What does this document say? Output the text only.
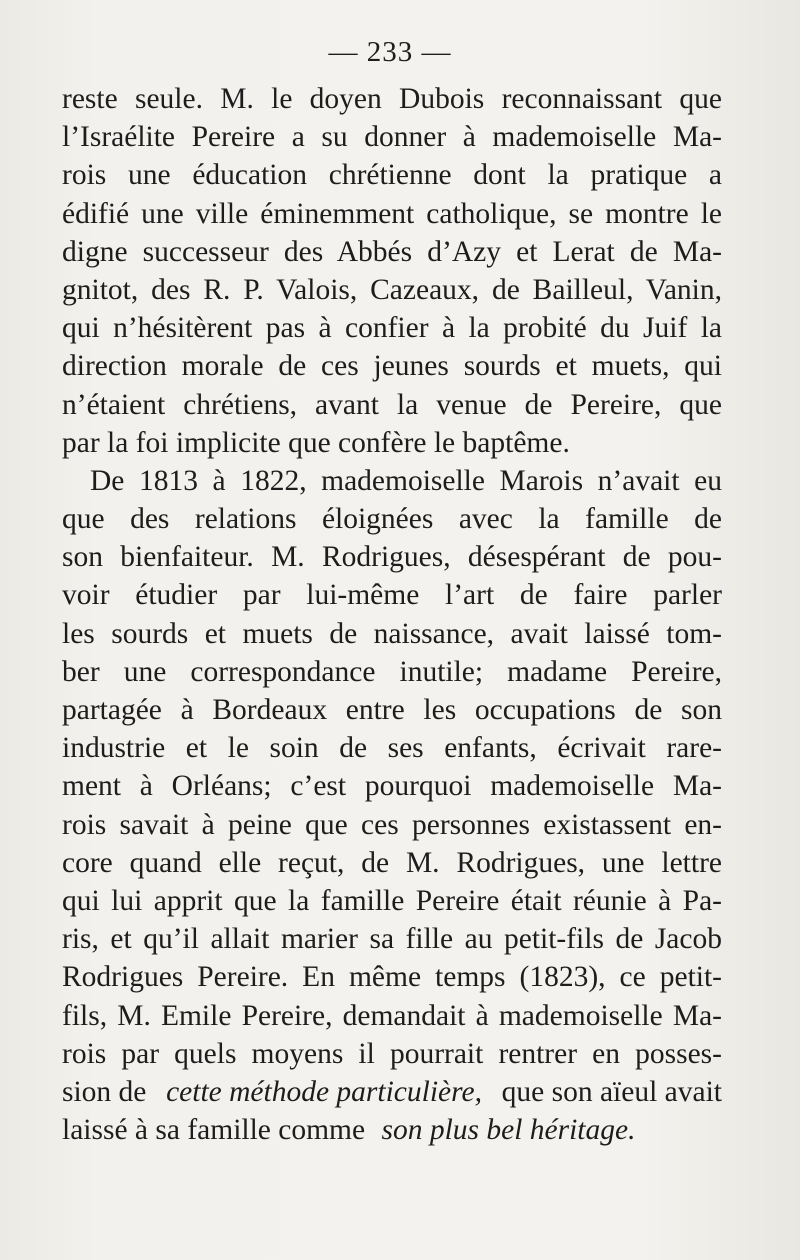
— 233 —
reste seule. M. le doyen Dubois reconnaissant que
l’Israélite Pereire a su donner à mademoiselle Ma-
rois une éducation chrétienne dont la pratique a
édifié une ville éminemment catholique, se montre le
digne successeur des Abbés d’Azy et Lerat de Ma-
gnitot, des R. P. Valois, Cazeaux, de Bailleul, Vanin,
qui n’hésitèrent pas à confier à la probité du Juif la
direction morale de ces jeunes sourds et muets, qui
n’étaient chrétiens, avant la venue de Pereire, que
par la foi implicite que confère le baptême.
De 1813 à 1822, mademoiselle Marois n’avait eu
que des relations éloignées avec la famille de
son bienfaiteur. M. Rodrigues, désespérant de pou-
voir étudier par lui-même l’art de faire parler
les sourds et muets de naissance, avait laissé tom-
ber une correspondance inutile; madame Pereire,
partagée à Bordeaux entre les occupations de son
industrie et le soin de ses enfants, écrivait rare-
ment à Orléans; c’est pourquoi mademoiselle Ma-
rois savait à peine que ces personnes existassent en-
core quand elle reçut, de M. Rodrigues, une lettre
qui lui apprit que la famille Pereire était réunie à Pa-
ris, et qu’il allait marier sa fille au petit-fils de Jacob
Rodrigues Pereire. En même temps (1823), ce petit-
fils, M. Emile Pereire, demandait à mademoiselle Ma-
rois par quels moyens il pourrait rentrer en posses-
sion de cette méthode particulière, que son aïeul avait
laissé à sa famille comme son plus bel héritage.
